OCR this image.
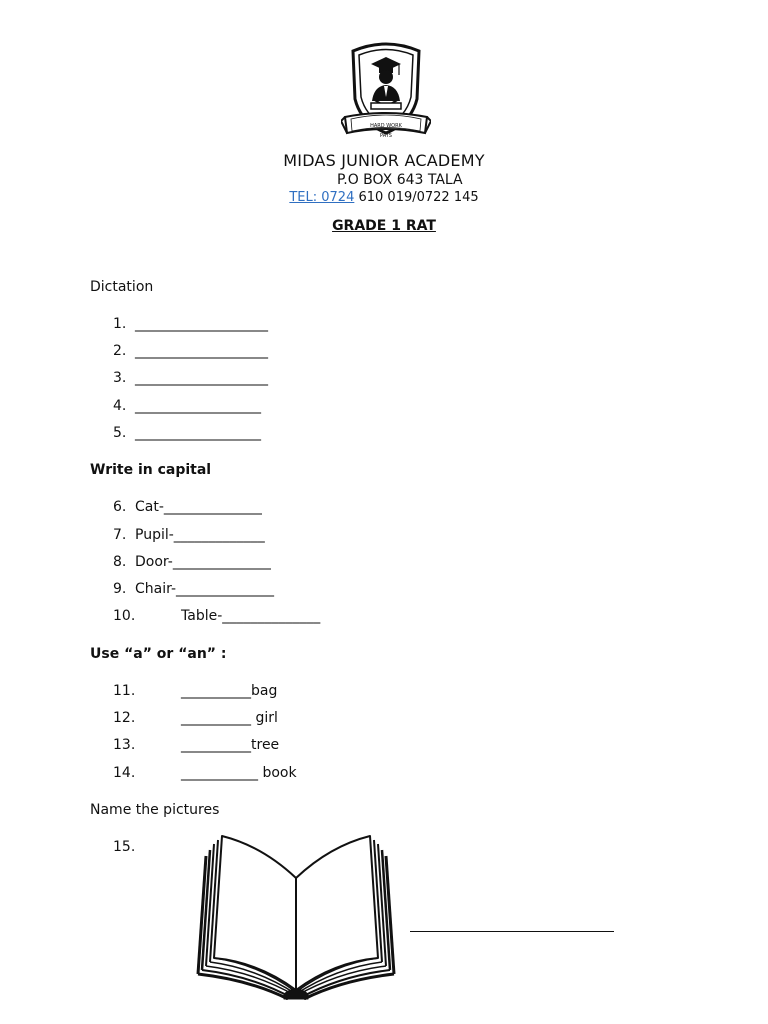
HARD WORK
PAYS
MIDAS JUNIOR ACADEMY
P.O BOX 643 TALA
TEL: 0724 610 019/0722 145
GRADE 1 RAT
Dictation
1. ___________________
2. ___________________
3. ___________________
4. __________________
5. __________________
Write in capital
6. Cat-______________
7. Pupil-_____________
8. Door-______________
9. Chair-______________
10.	Table-______________
Use “a” or “an” :
11.	__________bag
12.	__________ girl
13.	__________tree
14.	___________ book
Name the pictures
15.
